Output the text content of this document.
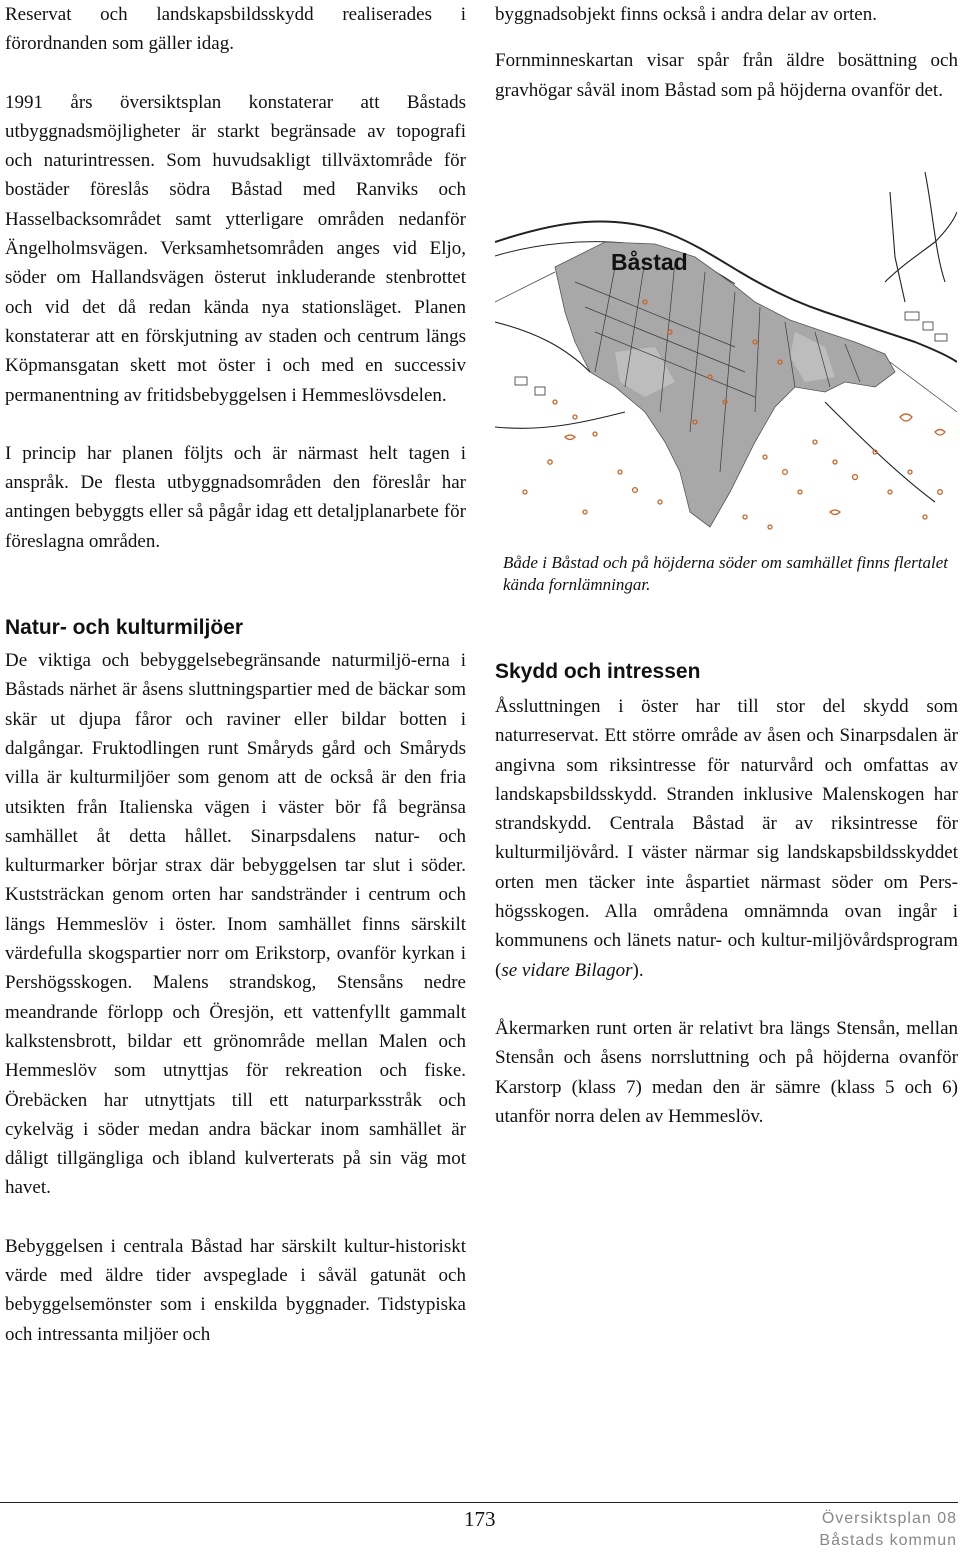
Reservat och landskapsbildsskydd realiserades i förordnanden som gäller idag.

1991 års översiktsplan konstaterar att Båstads utbyggnadsmöjligheter är starkt begränsade av topografi och naturintressen. Som huvudsakligt tillväxtområde för bostäder föreslås södra Båstad med Ranviks och Hasselbacksområdet samt ytterligare områden nedanför Ängelholmsvägen. Verksamhetsområden anges vid Eljo, söder om Hallandsvägen österut inkluderande stenbrottet och vid det då redan kända nya stationsläget. Planen konstaterar att en förskjutning av staden och centrum längs Köpmansgatan skett mot öster i och med en successiv permanentning av fritidsbebyggelsen i Hemmeslövsdelen.

I princip har planen följts och är närmast helt tagen i anspråk. De flesta utbyggnadsområden den föreslår har antingen bebyggts eller så pågår idag ett detaljplanarbete för föreslagna områden.

Natur- och kulturmiljöer

De viktiga och bebyggelsebegränsande naturmiljö-erna i Båstads närhet är åsens sluttningspartier med de bäckar som skär ut djupa fåror och raviner eller bildar botten i dalgångar. Fruktodlingen runt Småryds gård och Småryds villa är kulturmiljöer som genom att de också är den fria utsikten från Italienska vägen i väster bör få begränsa samhället åt detta hållet. Sinarpsdalens natur- och kulturmarker börjar strax där bebyggelsen tar slut i söder. Kuststräckan genom orten har sandstränder i centrum och längs Hemmeslöv i öster. Inom samhället finns särskilt värdefulla skogspartier norr om Erikstorp, ovanför kyrkan i Pershögsskogen. Malens strandskog, Stensåns nedre meandrande förlopp och Öresjön, ett vattenfyllt gammalt kalkstensbrott, bildar ett grönområde mellan Malen och Hemmeslöv som utnyttjas för rekreation och fiske. Örebäcken har utnyttjats till ett naturparksstråk och cykelväg i söder medan andra bäckar inom samhället är dåligt tillgängliga och ibland kulverterats på sin väg mot havet.

Bebyggelsen i centrala Båstad har särskilt kultur-historiskt värde med äldre tider avspeglade i såväl gatunät och bebyggelsemönster som i enskilda byggnader. Tidstypiska och intressanta miljöer och

byggnadsobjekt finns också i andra delar av orten.

Fornminneskartan visar spår från äldre bosättning och gravhögar såväl inom Båstad som på höjderna ovanför det.

Båstad
Både i Båstad och på höjderna söder om samhället finns flertalet kända fornlämningar.
Skydd och intressen

Åssluttningen i öster har till stor del skydd som naturreservat. Ett större område av åsen och Sinarpsdalen är angivna som riksintresse för naturvård och omfattas av landskapsbildsskydd. Stranden inklusive Malenskogen har strandskydd. Centrala Båstad är av riksintresse för kulturmiljövård. I väster närmar sig landskapsbildsskyddet orten men täcker inte åspartiet närmast söder om Pers-högsskogen. Alla områdena omnämnda ovan ingår i kommunens och länets natur- och kultur-miljövårdsprogram (se vidare Bilagor).

Åkermarken runt orten är relativt bra längs Stensån, mellan Stensån och åsens norrsluttning och på höjderna ovanför Karstorp (klass 7) medan den är sämre (klass 5 och 6) utanför norra delen av Hemmeslöv.

173	Översiktsplan 08
Båstads kommun
